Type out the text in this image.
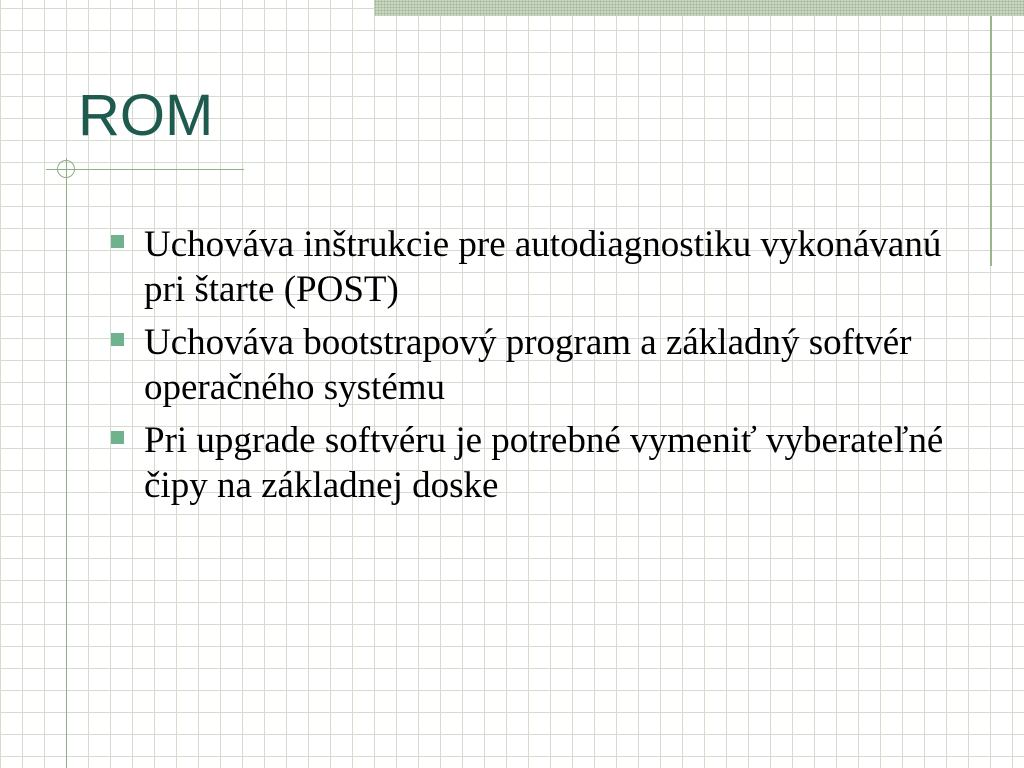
ROM
Uchováva inštrukcie pre autodiagnostiku vykonávanú pri štarte (POST)
Uchováva bootstrapový program a základný softvér operačného systému
Pri upgrade softvéru je potrebné vymeniť vyberateľné čipy na základnej doske
